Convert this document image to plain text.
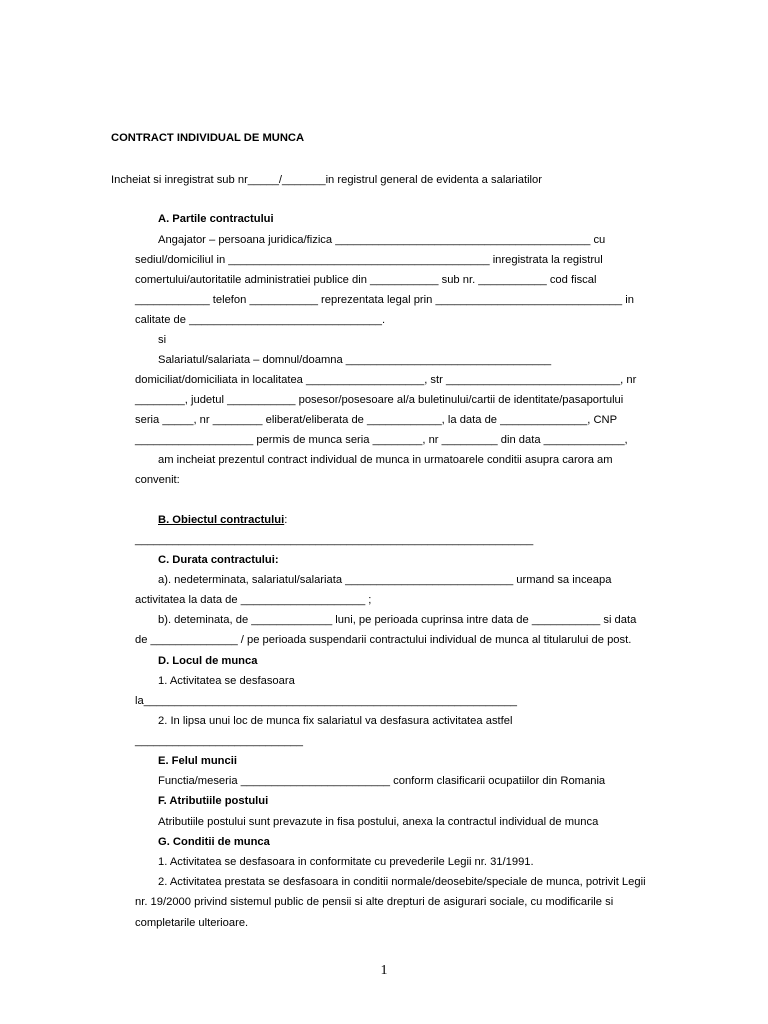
CONTRACT INDIVIDUAL DE MUNCA
Incheiat si inregistrat sub nr_____/_______in registrul general de evidenta a salariatilor
A. Partile contractului
Angajator – persoana juridica/fizica _________________________________________ cu
sediul/domiciliul in __________________________________________ inregistrata la registrul
comertului/autoritatile administratiei publice din ___________ sub nr. ___________ cod fiscal
____________ telefon ___________ reprezentata legal prin ______________________________ in
calitate de _______________________________.
si
Salariatul/salariata – domnul/doamna _________________________________
domiciliat/domiciliata in localitatea ___________________, str ____________________________, nr
________, judetul ___________ posesor/posesoare al/a buletinului/cartii de identitate/pasaportului
seria _____, nr ________ eliberat/eliberata de ____________, la data de ______________, CNP
___________________ permis de munca seria ________, nr _________ din data _____________,
am incheiat prezentul contract individual de munca in urmatoarele conditii asupra carora am
convenit:
B. Obiectul contractului:
________________________________________________________________
C. Durata contractului:
a). nedeterminata, salariatul/salariata ___________________________ urmand sa inceapa
activitatea la data de ____________________ ;
b). deteminata, de _____________ luni, pe perioada cuprinsa intre data de ___________ si data
de ______________ / pe perioada suspendarii contractului individual de munca al titularului de post.
D. Locul de munca
1. Activitatea se desfasoara
la____________________________________________________________
2. In lipsa unui loc de munca fix salariatul va desfasura activitatea astfel
___________________________
E. Felul muncii
Functia/meseria ________________________ conform clasificarii ocupatiilor din Romania
F. Atributiile postului
Atributiile postului sunt prevazute in fisa postului, anexa la contractul individual de munca
G. Conditii de munca
1. Activitatea se desfasoara in conformitate cu prevederile Legii nr. 31/1991.
2. Activitatea prestata se desfasoara in conditii normale/deosebite/speciale de munca, potrivit Legii
nr. 19/2000 privind sistemul public de pensii si alte drepturi de asigurari sociale, cu modificarile si
completarile ulterioare.
1
